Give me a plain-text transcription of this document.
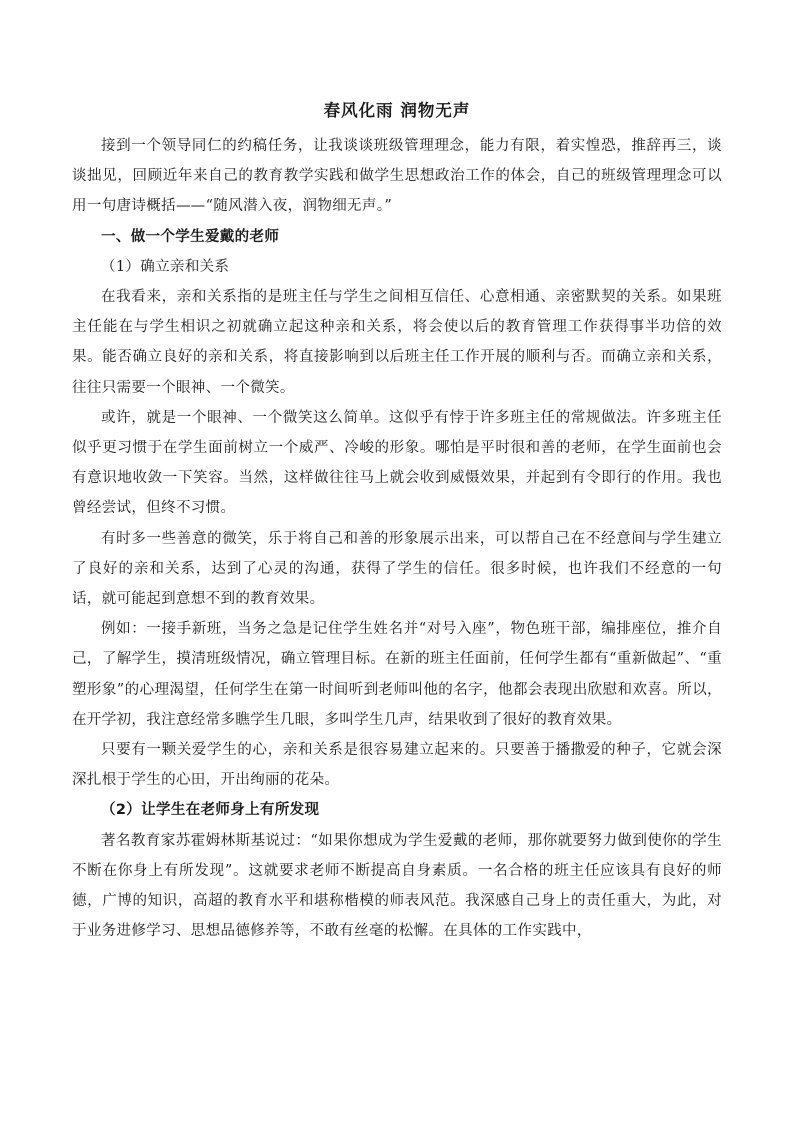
春风化雨 润物无声

接到一个领导同仁的约稿任务，让我谈谈班级管理理念，能力有限，着实惶恐，推辞再三，谈谈拙见，回顾近年来自己的教育教学实践和做学生思想政治工作的体会，自己的班级管理理念可以用一句唐诗概括——“随风潜入夜，润物细无声。”

一、做一个学生爱戴的老师

（1）确立亲和关系

在我看来，亲和关系指的是班主任与学生之间相互信任、心意相通、亲密默契的关系。如果班主任能在与学生相识之初就确立起这种亲和关系，将会使以后的教育管理工作获得事半功倍的效果。能否确立良好的亲和关系，将直接影响到以后班主任工作开展的顺利与否。而确立亲和关系，往往只需要一个眼神、一个微笑。

或许，就是一个眼神、一个微笑这么简单。这似乎有悖于许多班主任的常规做法。许多班主任似乎更习惯于在学生面前树立一个威严、冷峻的形象。哪怕是平时很和善的老师，在学生面前也会有意识地收敛一下笑容。当然，这样做往往马上就会收到威慑效果，并起到有令即行的作用。我也曾经尝试，但终不习惯。

有时多一些善意的微笑，乐于将自己和善的形象展示出来，可以帮自己在不经意间与学生建立了良好的亲和关系，达到了心灵的沟通，获得了学生的信任。很多时候，也许我们不经意的一句话，就可能起到意想不到的教育效果。

例如：一接手新班，当务之急是记住学生姓名并“对号入座”，物色班干部，编排座位，推介自己，了解学生，摸清班级情况，确立管理目标。在新的班主任面前，任何学生都有“重新做起”、“重塑形象”的心理渴望，任何学生在第一时间听到老师叫他的名字，他都会表现出欣慰和欢喜。所以，在开学初，我注意经常多瞧学生几眼，多叫学生几声，结果收到了很好的教育效果。

只要有一颗关爱学生的心，亲和关系是很容易建立起来的。只要善于播撒爱的种子，它就会深深扎根于学生的心田，开出绚丽的花朵。

（2）让学生在老师身上有所发现

著名教育家苏霍姆林斯基说过：“如果你想成为学生爱戴的老师，那你就要努力做到使你的学生不断在你身上有所发现”。这就要求老师不断提高自身素质。一名合格的班主任应该具有良好的师德，广博的知识，高超的教育水平和堪称楷模的师表风范。我深感自己身上的责任重大，为此，对于业务进修学习、思想品德修养等，不敢有丝毫的松懈。在具体的工作实践中，
